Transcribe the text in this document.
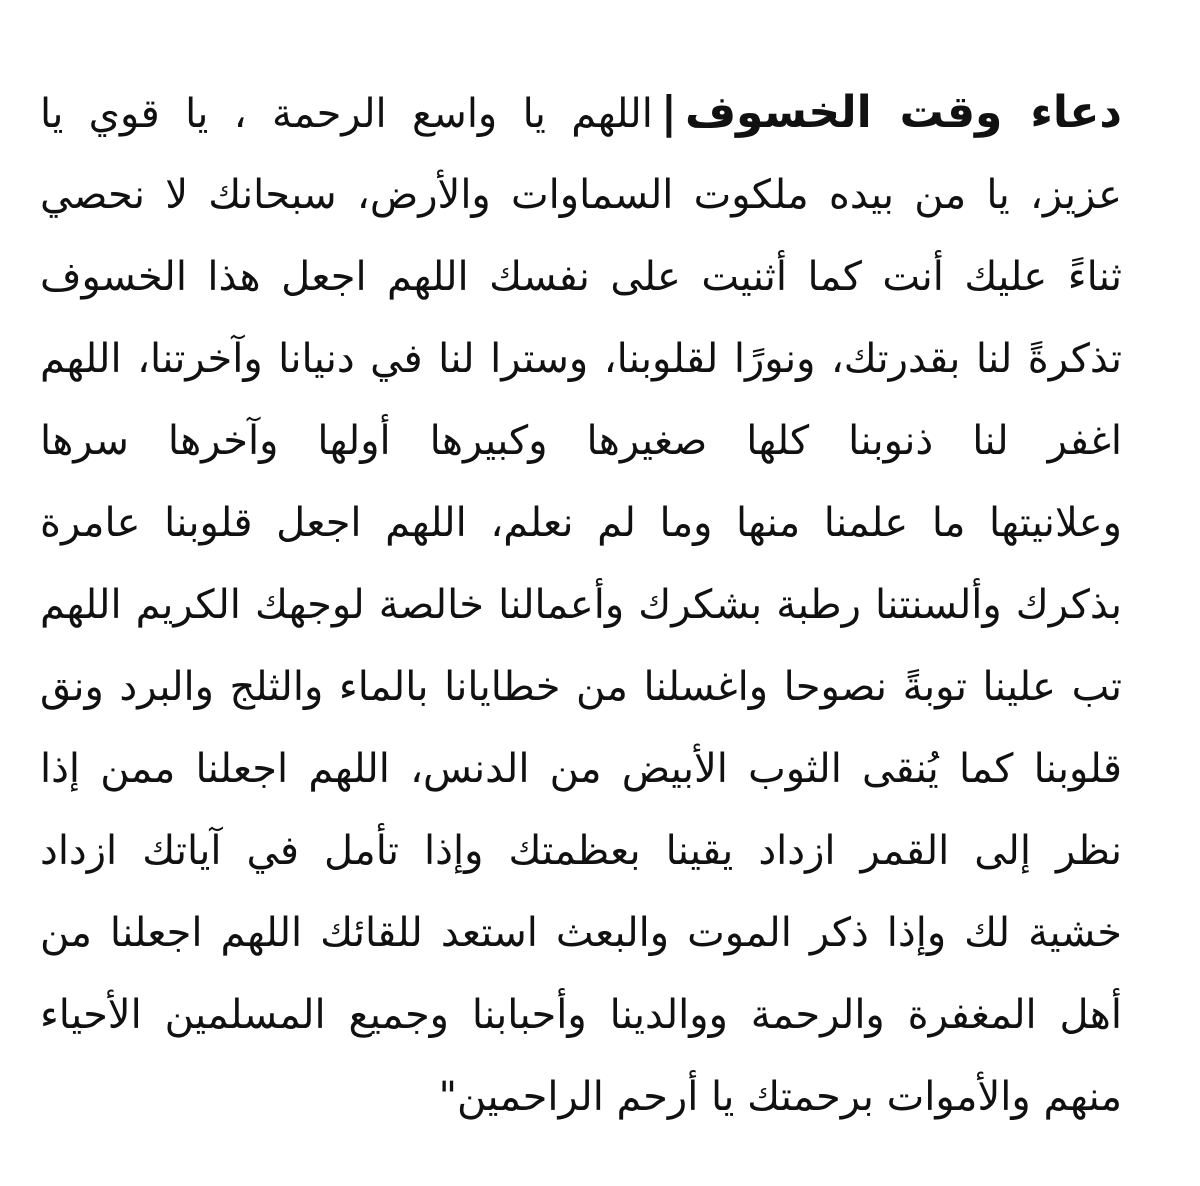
دعاء وقت الخسوف|اللهم يا واسع الرحمة ، يا قوي يا
عزيز، يا من بيده ملكوت السماوات والأرض، سبحانك لا نحصي
ثناءً عليك أنت كما أثنيت على نفسك اللهم اجعل هذا الخسوف
تذكرةً لنا بقدرتك، ونورًا لقلوبنا، وسترا لنا في دنيانا وآخرتنا، اللهم
اغفر لنا ذنوبنا كلها صغيرها وكبيرها أولها وآخرها سرها
وعلانيتها ما علمنا منها وما لم نعلم، اللهم اجعل قلوبنا عامرة
بذكرك وألسنتنا رطبة بشكرك وأعمالنا خالصة لوجهك الكريم اللهم
تب علينا توبةً نصوحا واغسلنا من خطايانا بالماء والثلج والبرد ونق
قلوبنا كما يُنقى الثوب الأبيض من الدنس، اللهم اجعلنا ممن إذا
نظر إلى القمر ازداد يقينا بعظمتك وإذا تأمل في آياتك ازداد
خشية لك وإذا ذكر الموت والبعث استعد للقائك اللهم اجعلنا من
أهل المغفرة والرحمة ووالدينا وأحبابنا وجميع المسلمين الأحياء
منهم والأموات برحمتك يا أرحم الراحمين"
